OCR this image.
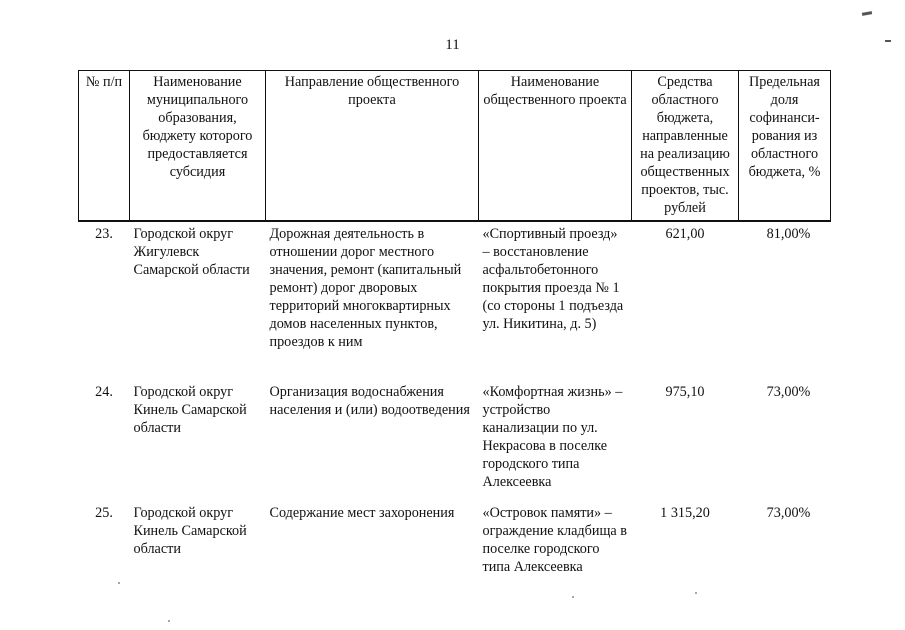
11
№ п/п	Наименование муниципального образования, бюджету которого предоставляется субсидия	Направление общественного проекта	Наименование общественного проекта	Средства областного бюджета, направленные на реализацию общественных проектов, тыс. рублей	Предельная доля софинанси-рования из областного бюджета, %
23.	Городской округ Жигулевск Самарской области	Дорожная деятельность в отношении дорог местного значения, ремонт (капитальный ремонт) дорог дворовых территорий многоквартирных домов населенных пунктов, проездов к ним	«Спортивный проезд» – восстановление асфальтобетонного покрытия проезда № 1 (со стороны 1 подъезда ул. Никитина, д. 5)	621,00	81,00%
24.	Городской округ Кинель Самарской области	Организация водоснабжения населения и (или) водоотведения	«Комфортная жизнь» – устройство канализации по ул. Некрасова в поселке городского типа Алексеевка	975,10	73,00%
25.	Городской округ Кинель Самарской области	Содержание мест захоронения	«Островок памяти» – ограждение кладбища в поселке городского типа Алексеевка	1 315,20	73,00%
